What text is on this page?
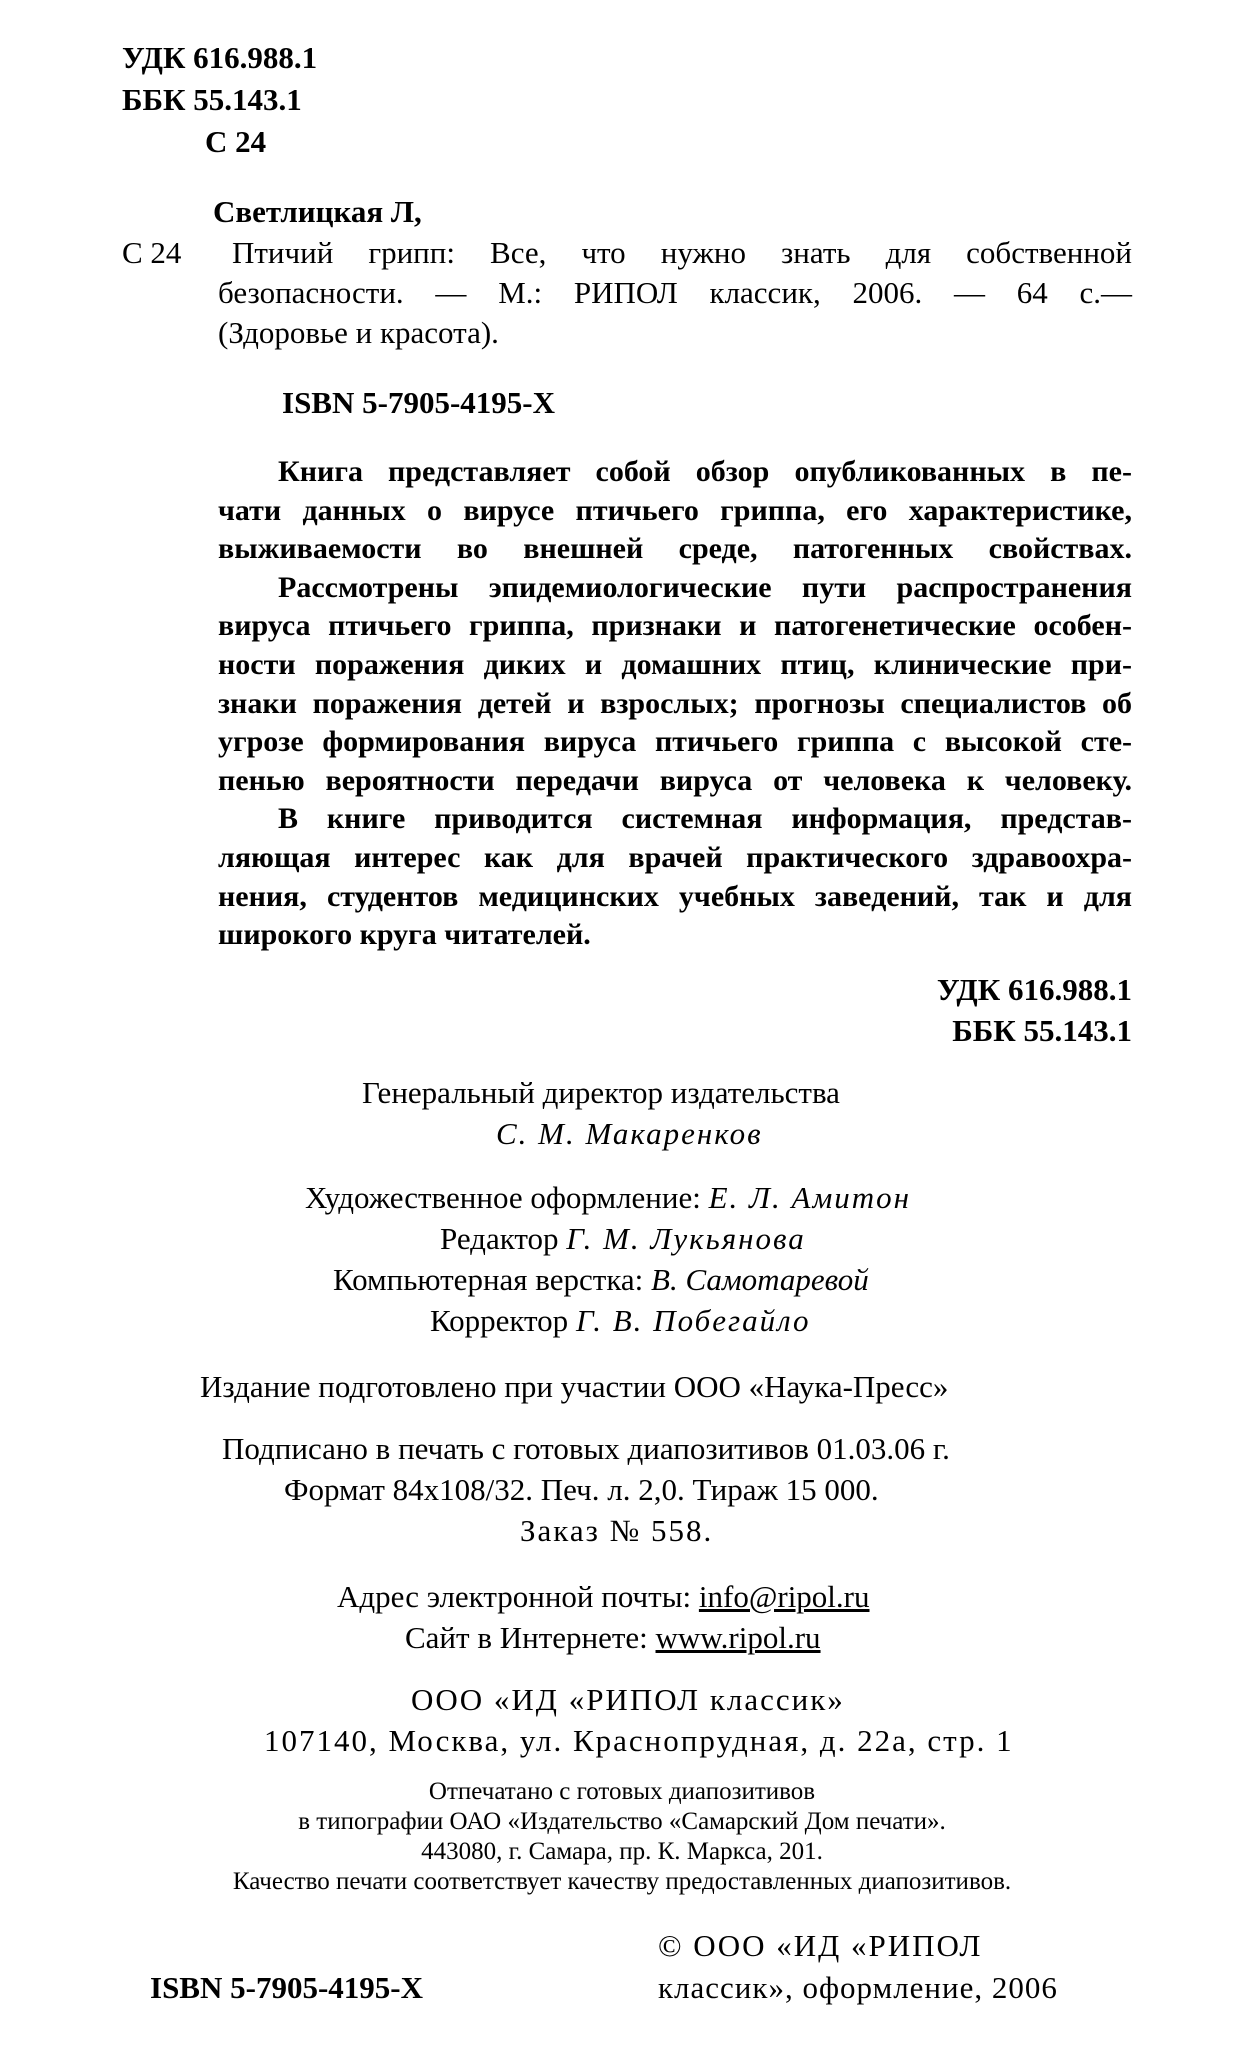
УДК 616.988.1
ББК 55.143.1
С 24
Светлицкая Л,
С 24 Птичий грипп: Все, что нужно знать для собственной
безопасности. — М.: РИПОЛ классик, 2006. — 64 с.—
(Здоровье и красота).
ISBN 5-7905-4195-X
Книга представляет собой обзор опубликованных в пе-
чати данных о вирусе птичьего гриппа, его характеристике,
выживаемости во внешней среде, патогенных свойствах.
Рассмотрены эпидемиологические пути распространения
вируса птичьего гриппа, признаки и патогенетические особен-
ности поражения диких и домашних птиц, клинические при-
знаки поражения детей и взрослых; прогнозы специалистов об
угрозе формирования вируса птичьего гриппа с высокой сте-
пенью вероятности передачи вируса от человека к человеку.
В книге приводится системная информация, представ-
ляющая интерес как для врачей практического здравоохра-
нения, студентов медицинских учебных заведений, так и для
широкого круга читателей.
УДК 616.988.1
ББК 55.143.1
Генеральный директор издательства
С. М. Макаренков
Художественное оформление: Е. Л. Амитон
Редактор Г. М. Лукьянова
Компьютерная верстка: В. Самотаревой
Корректор Г. В. Побегайло
Издание подготовлено при участии ООО «Наука-Пресс»
Подписано в печать с готовых диапозитивов 01.03.06 г.
Формат 84x108/32. Печ. л. 2,0. Тираж 15 000.
Заказ № 558.
Адрес электронной почты: info@ripol.ru
Сайт в Интернете: www.ripol.ru
ООО «ИД «РИПОЛ классик»
107140, Москва, ул. Краснопрудная, д. 22а, стр. 1
Отпечатано с готовых диапозитивов
в типографии ОАО «Издательство «Самарский Дом печати».
443080, г. Самара, пр. К. Маркса, 201.
Качество печати соответствует качеству предоставленных диапозитивов.
ISBN 5-7905-4195-X
© ООО «ИД «РИПОЛ
классик», оформление, 2006
